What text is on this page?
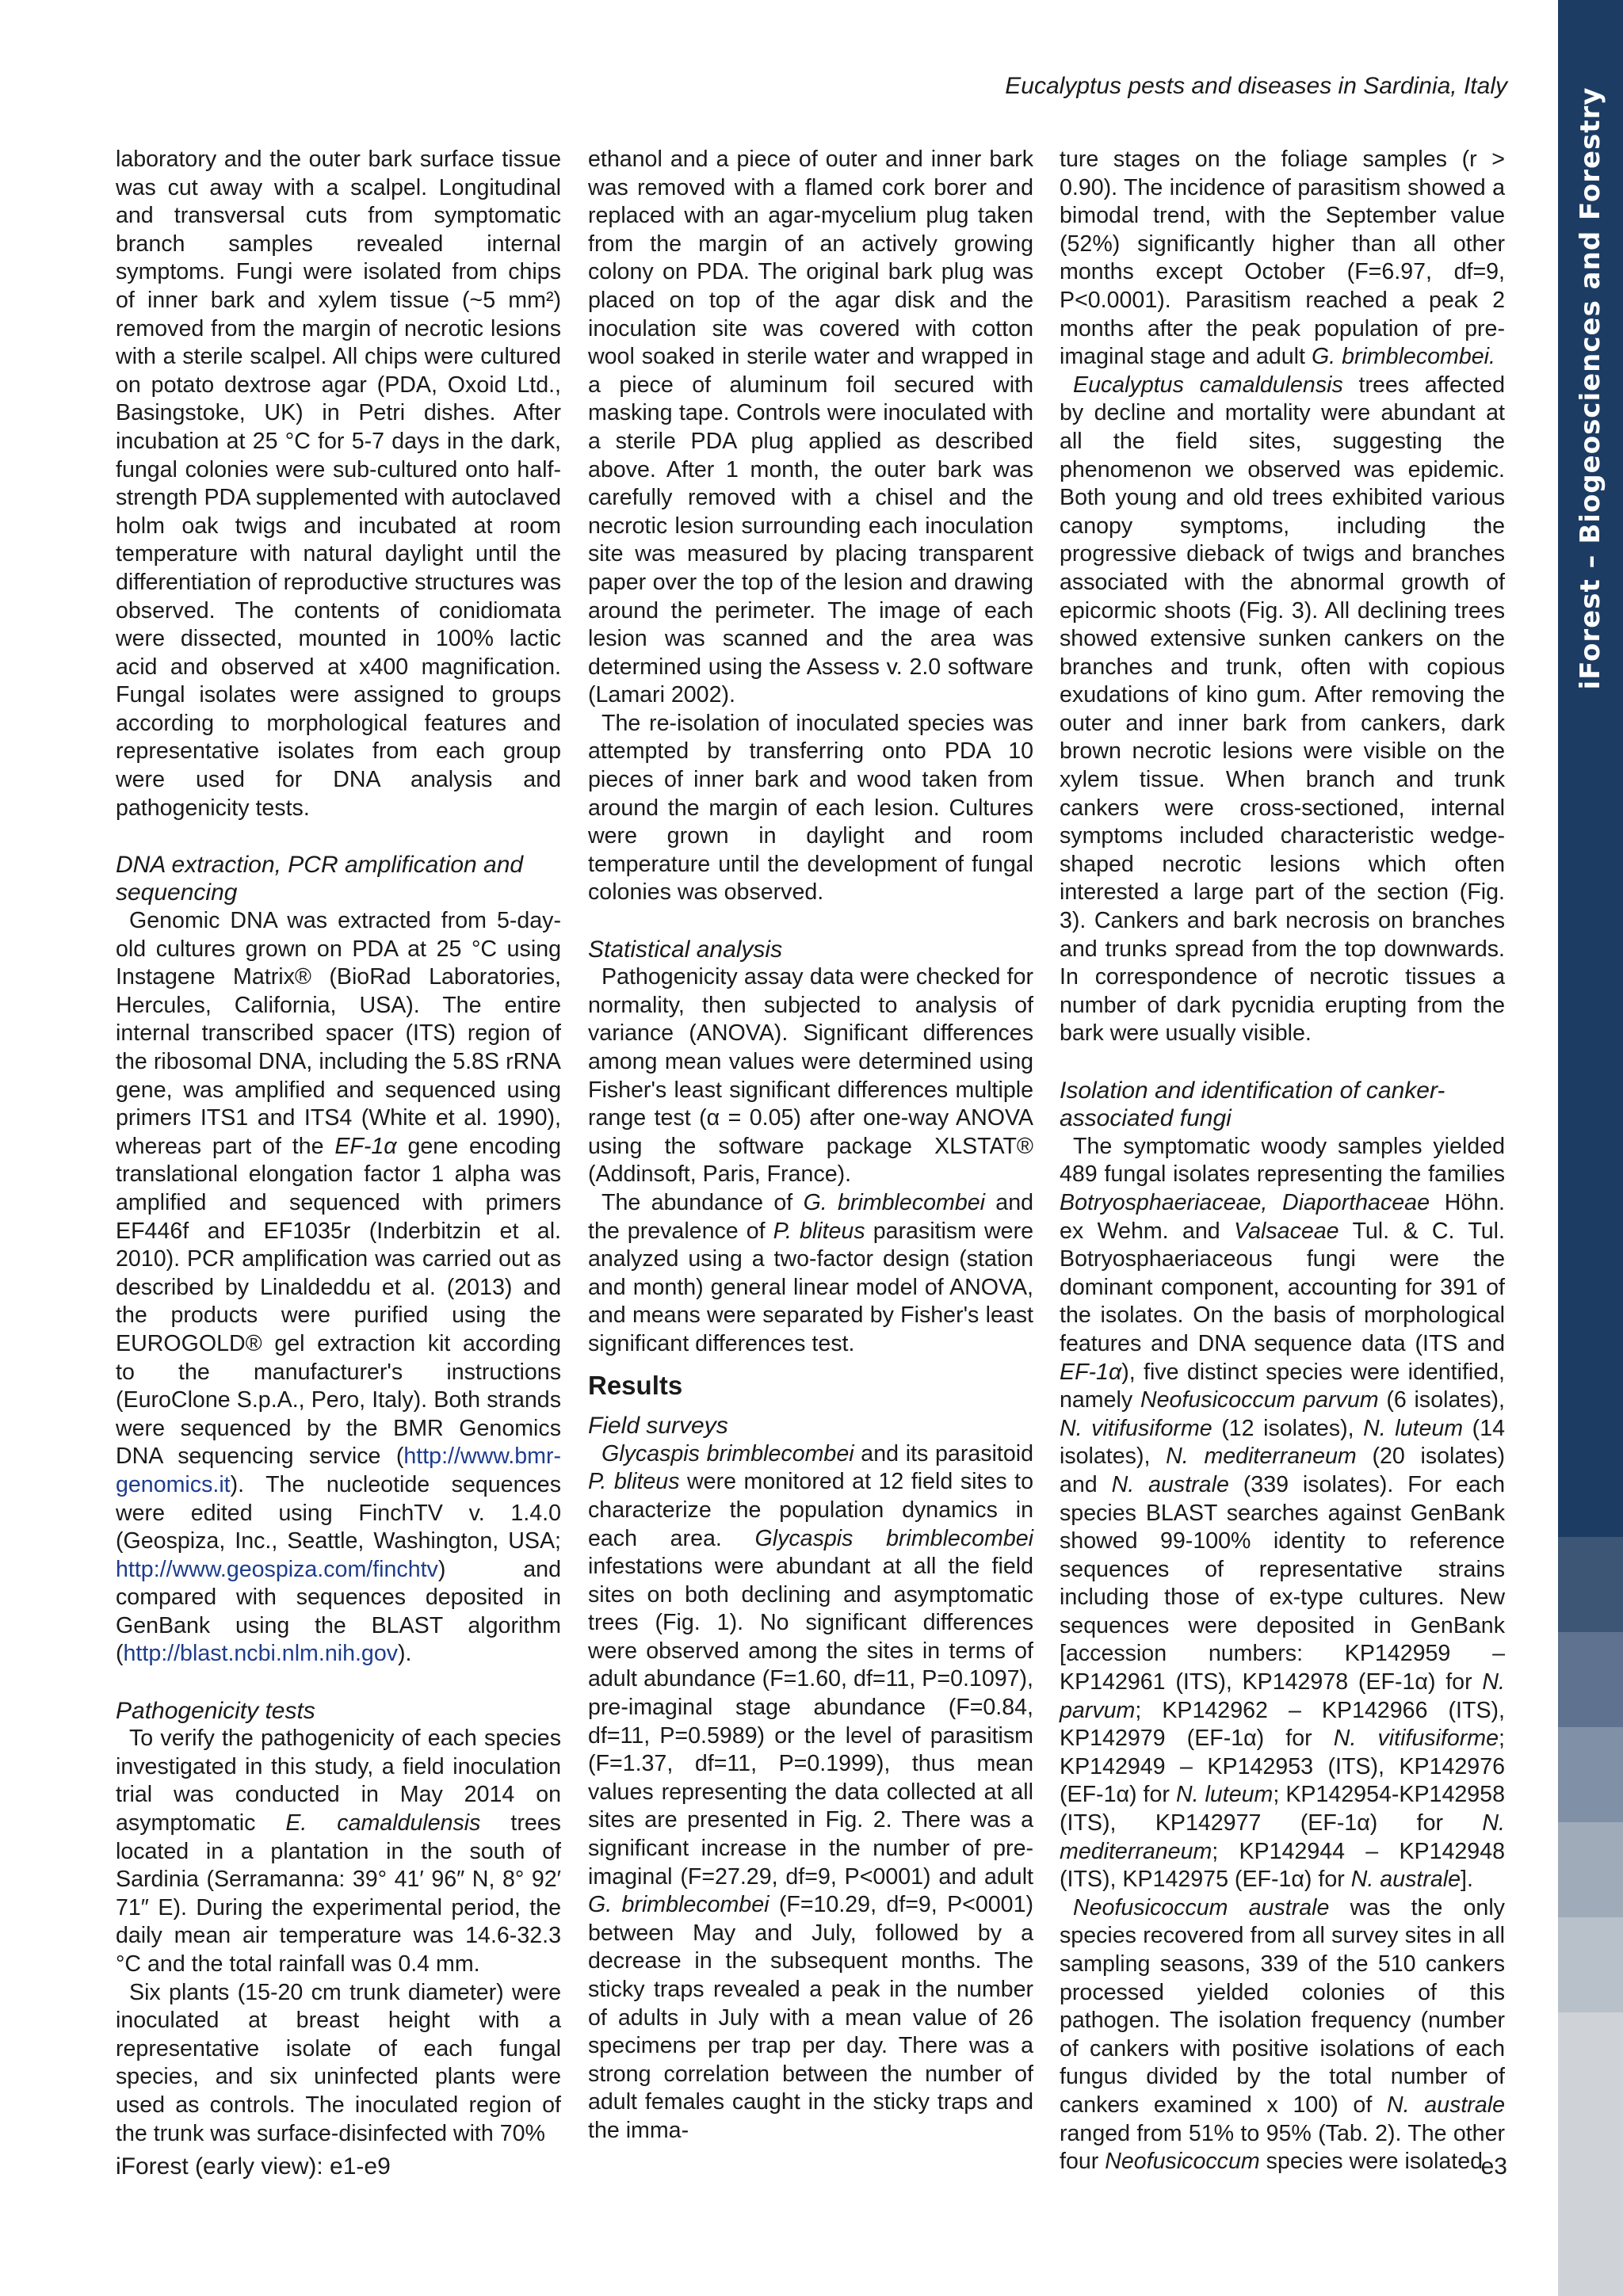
Eucalyptus pests and diseases in Sardinia, Italy
iForest – Biogeosciences and Forestry

laboratory and the outer bark surface tissue was cut away with a scalpel. Longitudinal and transversal cuts from symptomatic branch samples revealed internal symptoms. Fungi were isolated from chips of inner bark and xylem tissue (~5 mm²) removed from the margin of necrotic lesions with a sterile scalpel. All chips were cultured on potato dextrose agar (PDA, Oxoid Ltd., Basingstoke, UK) in Petri dishes. After incubation at 25 °C for 5-7 days in the dark, fungal colonies were sub-cultured onto half-strength PDA supplemented with autoclaved holm oak twigs and incubated at room temperature with natural daylight until the differentiation of reproductive structures was observed. The contents of conidiomata were dissected, mounted in 100% lactic acid and observed at x400 magnification. Fungal isolates were assigned to groups according to morphological features and representative isolates from each group were used for DNA analysis and pathogenicity tests.

DNA extraction, PCR amplification and sequencing

Genomic DNA was extracted from 5-day-old cultures grown on PDA at 25 °C using Instagene Matrix® (BioRad Laboratories, Hercules, California, USA). The entire internal transcribed spacer (ITS) region of the ribosomal DNA, including the 5.8S rRNA gene, was amplified and sequenced using primers ITS1 and ITS4 (White et al. 1990), whereas part of the EF-1α gene encoding translational elongation factor 1 alpha was amplified and sequenced with primers EF446f and EF1035r (Inderbitzin et al. 2010). PCR amplification was carried out as described by Linaldeddu et al. (2013) and the products were purified using the EUROGOLD® gel extraction kit according to the manufacturer's instructions (EuroClone S.p.A., Pero, Italy). Both strands were sequenced by the BMR Genomics DNA sequencing service (http://www.bmr-genomics.it). The nucleotide sequences were edited using FinchTV v. 1.4.0 (Geospiza, Inc., Seattle, Washington, USA; http://www.geospiza.com/finchtv) and compared with sequences deposited in GenBank using the BLAST algorithm (http://blast.ncbi.nlm.nih.gov).

Pathogenicity tests

To verify the pathogenicity of each species investigated in this study, a field inoculation trial was conducted in May 2014 on asymptomatic E. camaldulensis trees located in a plantation in the south of Sardinia (Serramanna: 39° 41′ 96″ N, 8° 92′ 71″ E). During the experimental period, the daily mean air temperature was 14.6-32.3 °C and the total rainfall was 0.4 mm.

Six plants (15-20 cm trunk diameter) were inoculated at breast height with a representative isolate of each fungal species, and six uninfected plants were used as controls. The inoculated region of the trunk was surface-disinfected with 70%

ethanol and a piece of outer and inner bark was removed with a flamed cork borer and replaced with an agar-mycelium plug taken from the margin of an actively growing colony on PDA. The original bark plug was placed on top of the agar disk and the inoculation site was covered with cotton wool soaked in sterile water and wrapped in a piece of aluminum foil secured with masking tape. Controls were inoculated with a sterile PDA plug applied as described above. After 1 month, the outer bark was carefully removed with a chisel and the necrotic lesion surrounding each inoculation site was measured by placing transparent paper over the top of the lesion and drawing around the perimeter. The image of each lesion was scanned and the area was determined using the Assess v. 2.0 software (Lamari 2002).

The re-isolation of inoculated species was attempted by transferring onto PDA 10 pieces of inner bark and wood taken from around the margin of each lesion. Cultures were grown in daylight and room temperature until the development of fungal colonies was observed.

Statistical analysis

Pathogenicity assay data were checked for normality, then subjected to analysis of variance (ANOVA). Significant differences among mean values were determined using Fisher's least significant differences multiple range test (α = 0.05) after one-way ANOVA using the software package XLSTAT® (Addinsoft, Paris, France).

The abundance of G. brimblecombei and the prevalence of P. bliteus parasitism were analyzed using a two-factor design (station and month) general linear model of ANOVA, and means were separated by Fisher's least significant differences test.

Results
Field surveys

Glycaspis brimblecombei and its parasitoid P. bliteus were monitored at 12 field sites to characterize the population dynamics in each area. Glycaspis brimblecombei infestations were abundant at all the field sites on both declining and asymptomatic trees (Fig. 1). No significant differences were observed among the sites in terms of adult abundance (F=1.60, df=11, P=0.1097), pre-imaginal stage abundance (F=0.84, df=11, P=0.5989) or the level of parasitism (F=1.37, df=11, P=0.1999), thus mean values representing the data collected at all sites are presented in Fig. 2. There was a significant increase in the number of pre-imaginal (F=27.29, df=9, P<0001) and adult G. brimblecombei (F=10.29, df=9, P<0001) between May and July, followed by a decrease in the subsequent months. The sticky traps revealed a peak in the number of adults in July with a mean value of 26 specimens per trap per day. There was a strong correlation between the number of adult females caught in the sticky traps and the imma-

ture stages on the foliage samples (r > 0.90). The incidence of parasitism showed a bimodal trend, with the September value (52%) significantly higher than all other months except October (F=6.97, df=9, P<0.0001). Parasitism reached a peak 2 months after the peak population of pre-imaginal stage and adult G. brimblecombei.

Eucalyptus camaldulensis trees affected by decline and mortality were abundant at all the field sites, suggesting the phenomenon we observed was epidemic. Both young and old trees exhibited various canopy symptoms, including the progressive dieback of twigs and branches associated with the abnormal growth of epicormic shoots (Fig. 3). All declining trees showed extensive sunken cankers on the branches and trunk, often with copious exudations of kino gum. After removing the outer and inner bark from cankers, dark brown necrotic lesions were visible on the xylem tissue. When branch and trunk cankers were cross-sectioned, internal symptoms included characteristic wedge-shaped necrotic lesions which often interested a large part of the section (Fig. 3). Cankers and bark necrosis on branches and trunks spread from the top downwards. In correspondence of necrotic tissues a number of dark pycnidia erupting from the bark were usually visible.

Isolation and identification of canker-associated fungi

The symptomatic woody samples yielded 489 fungal isolates representing the families Botryosphaeriaceae, Diaporthaceae Höhn. ex Wehm. and Valsaceae Tul. & C. Tul. Botryosphaeriaceous fungi were the dominant component, accounting for 391 of the isolates. On the basis of morphological features and DNA sequence data (ITS and EF-1α), five distinct species were identified, namely Neofusicoccum parvum (6 isolates), N. vitifusiforme (12 isolates), N. luteum (14 isolates), N. mediterraneum (20 isolates) and N. australe (339 isolates). For each species BLAST searches against GenBank showed 99-100% identity to reference sequences of representative strains including those of ex-type cultures. New sequences were deposited in GenBank [accession numbers: KP142959 – KP142961 (ITS), KP142978 (EF-1α) for N. parvum; KP142962 – KP142966 (ITS), KP142979 (EF-1α) for N. vitifusiforme; KP142949 – KP142953 (ITS), KP142976 (EF-1α) for N. luteum; KP142954-KP142958 (ITS), KP142977 (EF-1α) for N. mediterraneum; KP142944 – KP142948 (ITS), KP142975 (EF-1α) for N. australe].

Neofusicoccum australe was the only species recovered from all survey sites in all sampling seasons, 339 of the 510 cankers processed yielded colonies of this pathogen. The isolation frequency (number of cankers with positive isolations of each fungus divided by the total number of cankers examined x 100) of N. australe ranged from 51% to 95% (Tab. 2). The other four Neofusicoccum species were isolated

iForest (early view): e1-e9	e3
